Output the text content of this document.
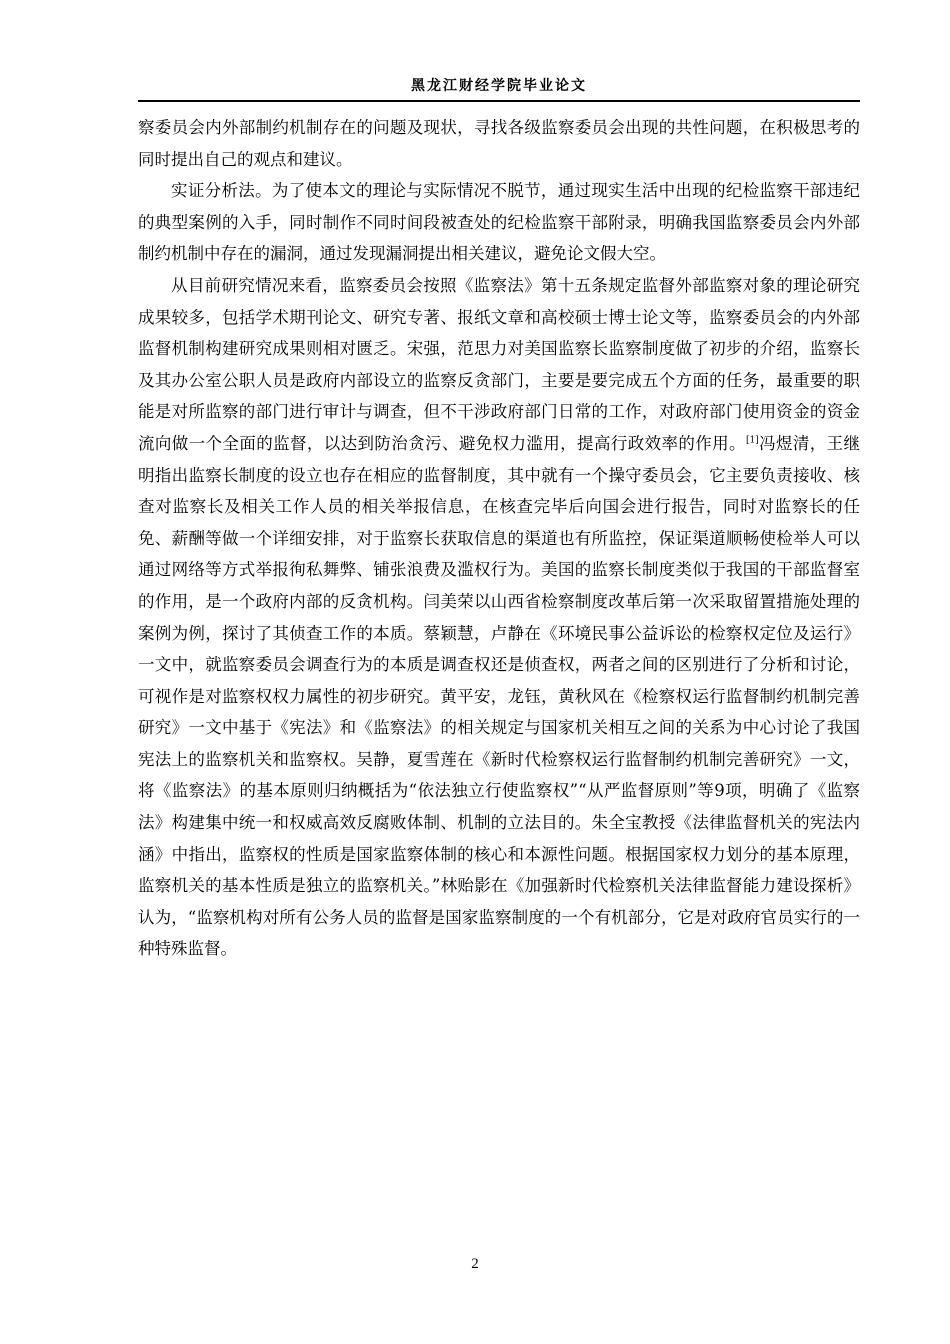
黑龙江财经学院毕业论文

察委员会内外部制约机制存在的问题及现状，寻找各级监察委员会出现的共性问题，在积极思考的同时提出自己的观点和建议。

实证分析法。为了使本文的理论与实际情况不脱节，通过现实生活中出现的纪检监察干部违纪的典型案例的入手，同时制作不同时间段被查处的纪检监察干部附录，明确我国监察委员会内外部制约机制中存在的漏洞，通过发现漏洞提出相关建议，避免论文假大空。

从目前研究情况来看，监察委员会按照《监察法》第十五条规定监督外部监察对象的理论研究成果较多，包括学术期刊论文、研究专著、报纸文章和高校硕士博士论文等，监察委员会的内外部监督机制构建研究成果则相对匮乏。宋强，范思力对美国监察长监察制度做了初步的介绍，监察长及其办公室公职人员是政府内部设立的监察反贪部门，主要是要完成五个方面的任务，最重要的职能是对所监察的部门进行审计与调查，但不干涉政府部门日常的工作，对政府部门使用资金的资金流向做一个全面的监督，以达到防治贪污、避免权力滥用，提高行政效率的作用。[1]冯煜清，王继明指出监察长制度的设立也存在相应的监督制度，其中就有一个操守委员会，它主要负责接收、核查对监察长及相关工作人员的相关举报信息，在核查完毕后向国会进行报告，同时对监察长的任免、薪酬等做一个详细安排，对于监察长获取信息的渠道也有所监控，保证渠道顺畅使检举人可以通过网络等方式举报徇私舞弊、铺张浪费及滥权行为。美国的监察长制度类似于我国的干部监督室的作用，是一个政府内部的反贪机构。闫美荣以山西省检察制度改革后第一次采取留置措施处理的案例为例，探讨了其侦查工作的本质。蔡颖慧，卢静在《环境民事公益诉讼的检察权定位及运行》一文中，就监察委员会调查行为的本质是调查权还是侦查权，两者之间的区别进行了分析和讨论，可视作是对监察权权力属性的初步研究。黄平安，龙钰，黄秋风在《检察权运行监督制约机制完善研究》一文中基于《宪法》和《监察法》的相关规定与国家机关相互之间的关系为中心讨论了我国宪法上的监察机关和监察权。吴静，夏雪莲在《新时代检察权运行监督制约机制完善研究》一文，将《监察法》的基本原则归纳概括为“依法独立行使监察权”“从严监督原则”等9项，明确了《监察法》构建集中统一和权威高效反腐败体制、机制的立法目的。朱全宝教授《法律监督机关的宪法内涵》中指出，监察权的性质是国家监察体制的核心和本源性问题。根据国家权力划分的基本原理，监察机关的基本性质是独立的监察机关。”林贻影在《加强新时代检察机关法律监督能力建设探析》认为，“监察机构对所有公务人员的监督是国家监察制度的一个有机部分，它是对政府官员实行的一种特殊监督。

2
